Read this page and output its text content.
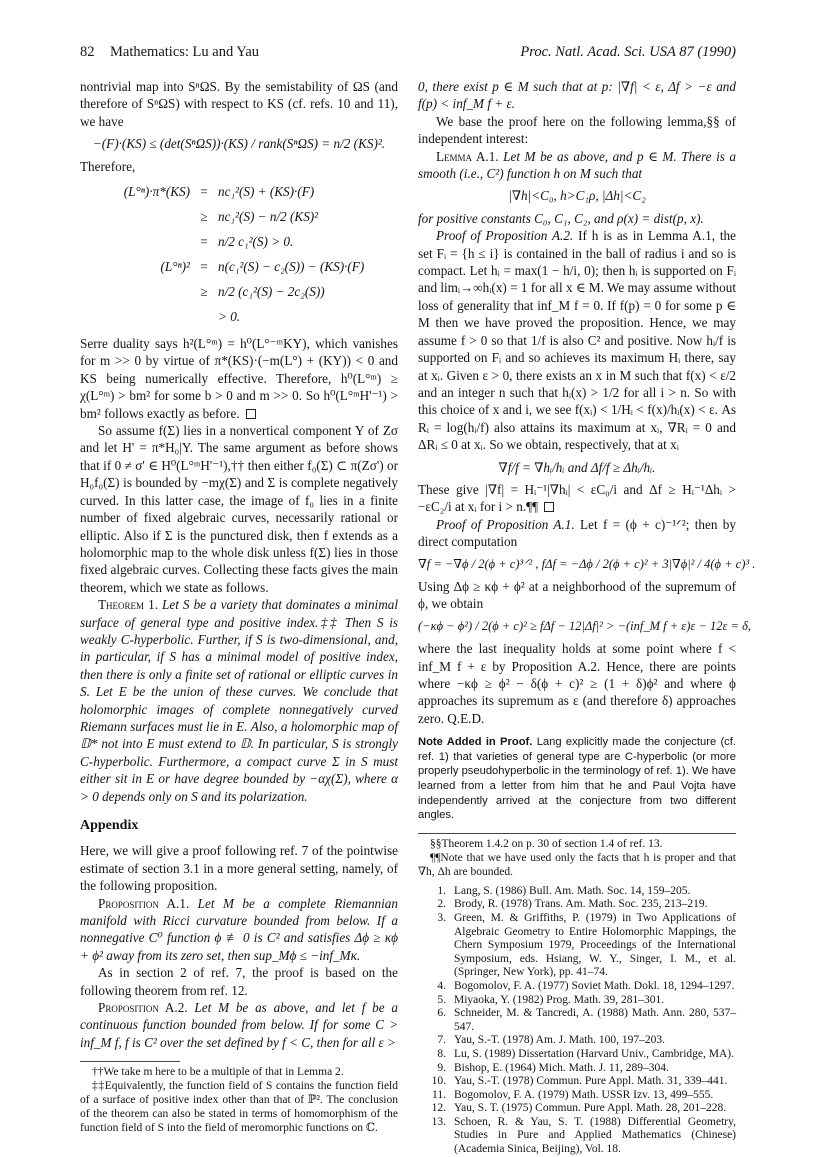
82 Mathematics: Lu and Yau	Proc. Natl. Acad. Sci. USA 87 (1990)

nontrivial map into SⁿΩS. By the semistability of ΩS (and therefore of SⁿΩS) with respect to KS (cf. refs. 10 and 11), we have

−(F)·(KS) ≤ (det(SⁿΩS))·(KS) / rank(SⁿΩS) = n/2 (KS)².

Therefore,

(L°ⁿ)·π*(KS) = nc₁²(S) + (KS)·(F)
≥ nc₁²(S) − n/2 (KS)²
= n/2 c₁²(S) > 0.
(L°ⁿ)² = n(c₁²(S) − c₂(S)) − (KS)·(F)
≥ n/2 (c₁²(S) − 2c₂(S))
> 0.

Serre duality says h²(L°ᵐ) = h⁰(L°⁻ᵐKY), which vanishes for m >> 0 by virtue of π*(KS)·(−m(L°) + (KY)) < 0 and KS being numerically effective. Therefore, h⁰(L°ᵐ) ≥ χ(L°ᵐ) > bm² for some b > 0 and m >> 0. So h⁰(L°ᵐH'⁻¹) > bm² follows exactly as before.

So assume f(Σ) lies in a nonvertical component Y of Zσ and let H' = π*H₀|Y. The same argument as before shows that if 0 ≠ σ' ∈ H⁰(L°ᵐH'⁻¹),†† then either f₀(Σ) ⊂ π(Zσ') or H₀f₀(Σ) is bounded by −mχ(Σ) and Σ is complete negatively curved. In this latter case, the image of f₀ lies in a finite number of fixed algebraic curves, necessarily rational or elliptic. Also if Σ is the punctured disk, then f extends as a holomorphic map to the whole disk unless f(Σ) lies in those fixed algebraic curves. Collecting these facts gives the main theorem, which we state as follows.

Theorem 1. Let S be a variety that dominates a minimal surface of general type and positive index.‡‡ Then S is weakly C-hyperbolic. Further, if S is two-dimensional, and, in particular, if S has a minimal model of positive index, then there is only a finite set of rational or elliptic curves in S. Let E be the union of these curves. We conclude that holomorphic images of complete nonnegatively curved Riemann surfaces must lie in E. Also, a holomorphic map of 𝔻* not into E must extend to 𝔻. In particular, S is strongly C-hyperbolic. Furthermore, a compact curve Σ in S must either sit in E or have degree bounded by −αχ(Σ), where α > 0 depends only on S and its polarization.

Appendix

Here, we will give a proof following ref. 7 of the pointwise estimate of section 3.1 in a more general setting, namely, of the following proposition.

Proposition A.1. Let M be a complete Riemannian manifold with Ricci curvature bounded from below. If a nonnegative C⁰ function ϕ ≢ 0 is C² and satisfies Δϕ ≥ κϕ + ϕ² away from its zero set, then sup_Mϕ ≤ −inf_Mκ.

As in section 2 of ref. 7, the proof is based on the following theorem from ref. 12.

Proposition A.2. Let M be as above, and let f be a continuous function bounded from below. If for some C > inf_M f, f is C² over the set defined by f < C, then for all ε >

††We take m here to be a multiple of that in Lemma 2.

‡‡Equivalently, the function field of S contains the function field of a surface of positive index other than that of ℙ². The conclusion of the theorem can also be stated in terms of homomorphism of the function field of S into the field of meromorphic functions on ℂ.

0, there exist p ∈ M such that at p: |∇f| < ε, Δf > −ε and f(p) < inf_M f + ε.

We base the proof here on the following lemma,§§ of independent interest:

Lemma A.1. Let M be as above, and p ∈ M. There is a smooth (i.e., C²) function h on M such that

|∇h|<C₀, h>C₁ρ, |Δh|<C₂

for positive constants C₀, C₁, C₂, and ρ(x) = dist(p, x).

Proof of Proposition A.2. If h is as in Lemma A.1, the set Fᵢ = {h ≤ i} is contained in the ball of radius i and so is compact. Let hᵢ = max(1 − h/i, 0); then hᵢ is supported on Fᵢ and limᵢ→∞hᵢ(x) = 1 for all x ∈ M. We may assume without loss of generality that inf_M f = 0. If f(p) = 0 for some p ∈ M then we have proved the proposition. Hence, we may assume f > 0 so that 1/f is also C² and positive. Now hᵢ/f is supported on Fᵢ and so achieves its maximum Hᵢ there, say at xᵢ. Given ε > 0, there exists an x in M such that f(x) < ε/2 and an integer n such that hᵢ(x) > 1/2 for all i > n. So with this choice of x and i, we see f(xᵢ) < 1/Hᵢ < f(x)/hᵢ(x) < ε. As Rᵢ = log(hᵢ/f) also attains its maximum at xᵢ, ∇Rᵢ = 0 and ΔRᵢ ≤ 0 at xᵢ. So we obtain, respectively, that at xᵢ

∇f/f = ∇hᵢ/hᵢ and Δf/f ≥ Δhᵢ/hᵢ.

These give |∇f| = Hᵢ⁻¹|∇hᵢ| < εC₀/i and Δf ≥ Hᵢ⁻¹Δhᵢ > −εC₂/i at xᵢ for i > n.¶¶

Proof of Proposition A.1. Let f = (ϕ + c)⁻¹ᐟ²; then by direct computation

∇f = −∇ϕ / 2(ϕ + c)³ᐟ² , fΔf = −Δϕ / 2(ϕ + c)² + 3|∇ϕ|² / 4(ϕ + c)³ .

Using Δϕ ≥ κϕ + ϕ² at a neighborhood of the supremum of ϕ, we obtain

(−κϕ − ϕ²) / 2(ϕ + c)² ≥ fΔf − 12|Δf|² > −(inf_M f + ε)ε − 12ε = δ,

where the last inequality holds at some point where f < inf_M f + ε by Proposition A.2. Hence, there are points where −κϕ ≥ ϕ² − δ(ϕ + c)² ≥ (1 + δ)ϕ² and where ϕ approaches its supremum as ε (and therefore δ) approaches zero. Q.E.D.

Note Added in Proof. Lang explicitly made the conjecture (cf. ref. 1) that varieties of general type are C-hyperbolic (or more properly pseudohyperbolic in the terminology of ref. 1). We have learned from a letter from him that he and Paul Vojta have independently arrived at the conjecture from two different angles.

§§Theorem 1.4.2 on p. 30 of section 1.4 of ref. 13.

¶¶Note that we have used only the facts that h is proper and that ∇h, Δh are bounded.

1. Lang, S. (1986) Bull. Am. Math. Soc. 14, 159–205.
2. Brody, R. (1978) Trans. Am. Math. Soc. 235, 213–219.
3. Green, M. & Griffiths, P. (1979) in Two Applications of Algebraic Geometry to Entire Holomorphic Mappings, the Chern Symposium 1979, Proceedings of the International Symposium, eds. Hsiang, W. Y., Singer, I. M., et al. (Springer, New York), pp. 41–74.
4. Bogomolov, F. A. (1977) Soviet Math. Dokl. 18, 1294–1297.
5. Miyaoka, Y. (1982) Prog. Math. 39, 281–301.
6. Schneider, M. & Tancredi, A. (1988) Math. Ann. 280, 537–547.
7. Yau, S.-T. (1978) Am. J. Math. 100, 197–203.
8. Lu, S. (1989) Dissertation (Harvard Univ., Cambridge, MA).
9. Bishop, E. (1964) Mich. Math. J. 11, 289–304.
10. Yau, S.-T. (1978) Commun. Pure Appl. Math. 31, 339–441.
11. Bogomolov, F. A. (1979) Math. USSR Izv. 13, 499–555.
12. Yau, S. T. (1975) Commun. Pure Appl. Math. 28, 201–228.
13. Schoen, R. & Yau, S. T. (1988) Differential Geometry, Studies in Pure and Applied Mathematics (Chinese) (Academia Sinica, Beijing), Vol. 18.
